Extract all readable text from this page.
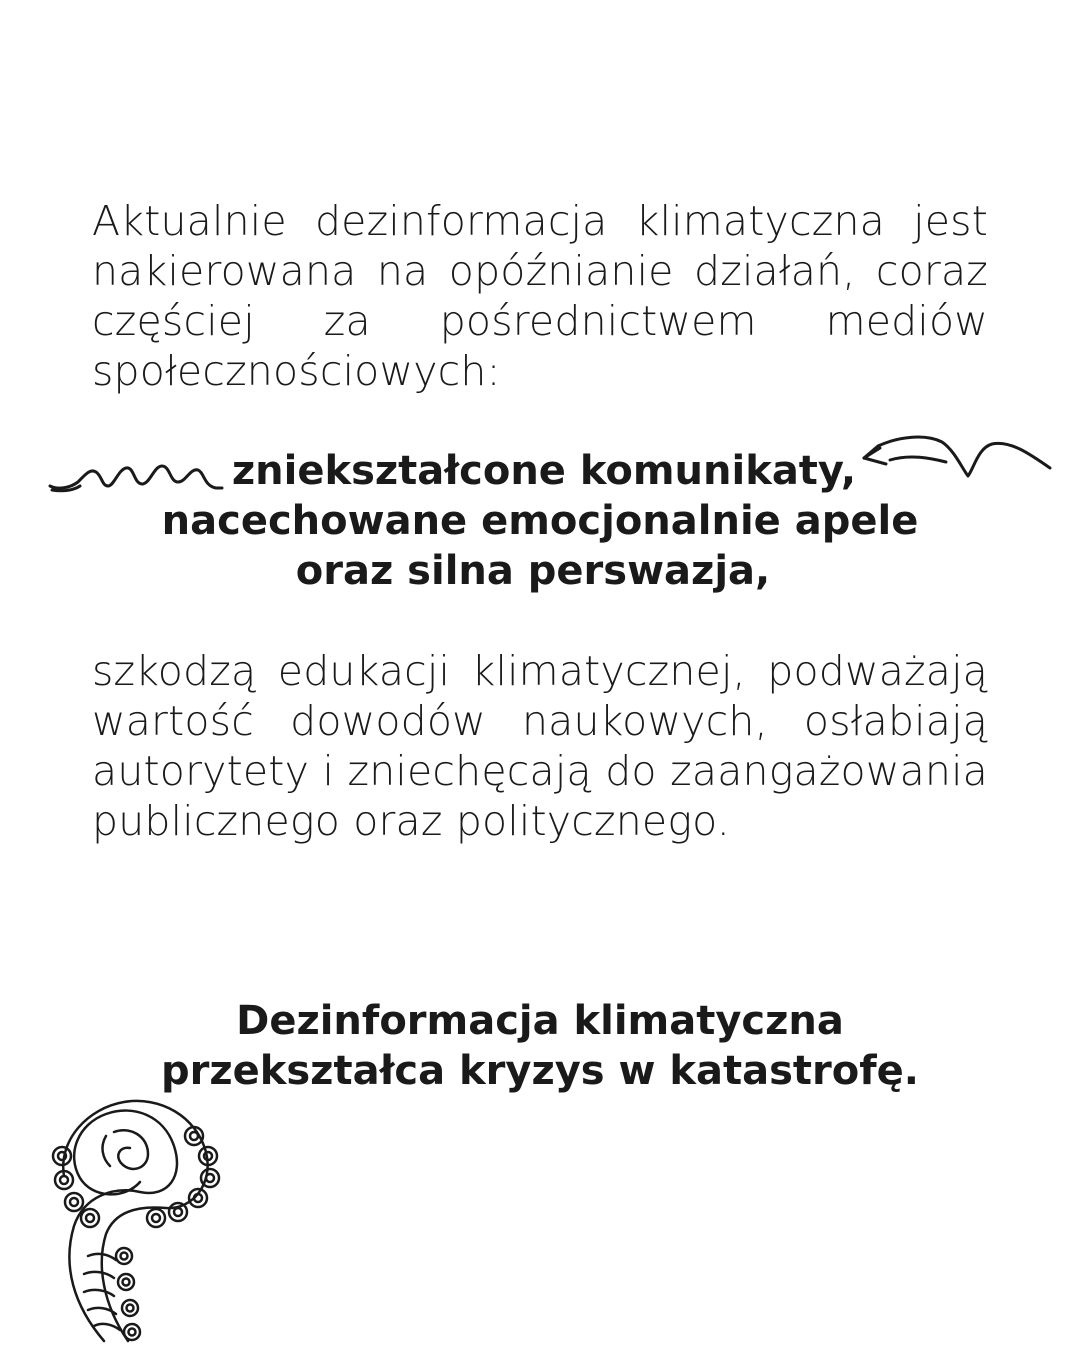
Aktualnie dezinformacja klimatyczna jest nakierowana na opóźnianie działań, coraz częściej za pośrednictwem mediów społecznościowych:

zniekształcone komunikaty,
nacechowane emocjonalnie apele
oraz silna perswazja,

szkodzą edukacji klimatycznej, podważają wartość dowodów naukowych, osłabiają autorytety i zniechęcają do zaangażowania publicznego oraz politycznego.

Dezinformacja klimatyczna
przekształca kryzys w katastrofę.
